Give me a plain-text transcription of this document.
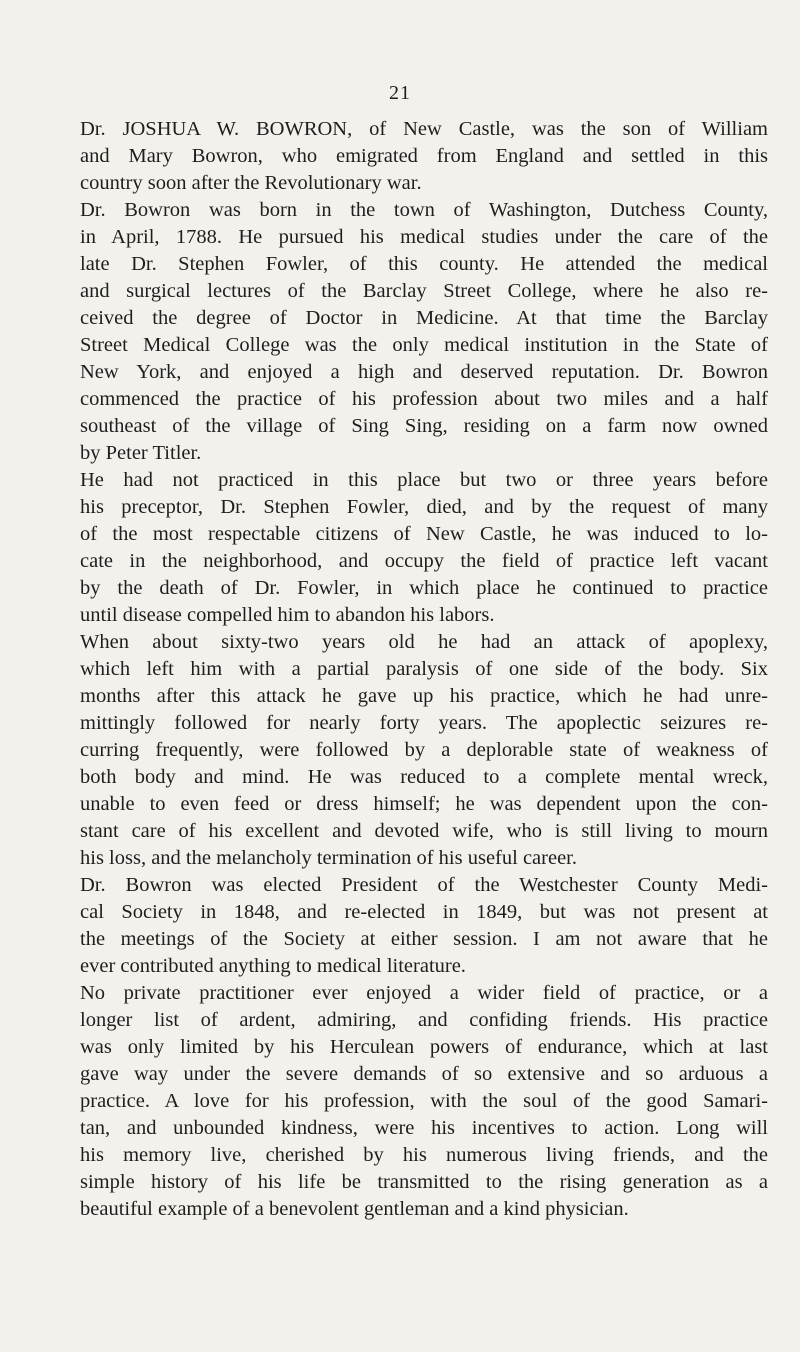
21
Dr. JOSHUA W. BOWRON, of New Castle, was the son of William
and Mary Bowron, who emigrated from England and settled in this
country soon after the Revolutionary war.
Dr. Bowron was born in the town of Washington, Dutchess County,
in April, 1788. He pursued his medical studies under the care of the
late Dr. Stephen Fowler, of this county. He attended the medical
and surgical lectures of the Barclay Street College, where he also re-
ceived the degree of Doctor in Medicine. At that time the Barclay
Street Medical College was the only medical institution in the State of
New York, and enjoyed a high and deserved reputation. Dr. Bowron
commenced the practice of his profession about two miles and a half
southeast of the village of Sing Sing, residing on a farm now owned
by Peter Titler.
He had not practiced in this place but two or three years before
his preceptor, Dr. Stephen Fowler, died, and by the request of many
of the most respectable citizens of New Castle, he was induced to lo-
cate in the neighborhood, and occupy the field of practice left vacant
by the death of Dr. Fowler, in which place he continued to practice
until disease compelled him to abandon his labors.
When about sixty-two years old he had an attack of apoplexy,
which left him with a partial paralysis of one side of the body. Six
months after this attack he gave up his practice, which he had unre-
mittingly followed for nearly forty years. The apoplectic seizures re-
curring frequently, were followed by a deplorable state of weakness of
both body and mind. He was reduced to a complete mental wreck,
unable to even feed or dress himself; he was dependent upon the con-
stant care of his excellent and devoted wife, who is still living to mourn
his loss, and the melancholy termination of his useful career.
Dr. Bowron was elected President of the Westchester County Medi-
cal Society in 1848, and re-elected in 1849, but was not present at
the meetings of the Society at either session. I am not aware that he
ever contributed anything to medical literature.
No private practitioner ever enjoyed a wider field of practice, or a
longer list of ardent, admiring, and confiding friends. His practice
was only limited by his Herculean powers of endurance, which at last
gave way under the severe demands of so extensive and so arduous a
practice. A love for his profession, with the soul of the good Samari-
tan, and unbounded kindness, were his incentives to action. Long will
his memory live, cherished by his numerous living friends, and the
simple history of his life be transmitted to the rising generation as a
beautiful example of a benevolent gentleman and a kind physician.
